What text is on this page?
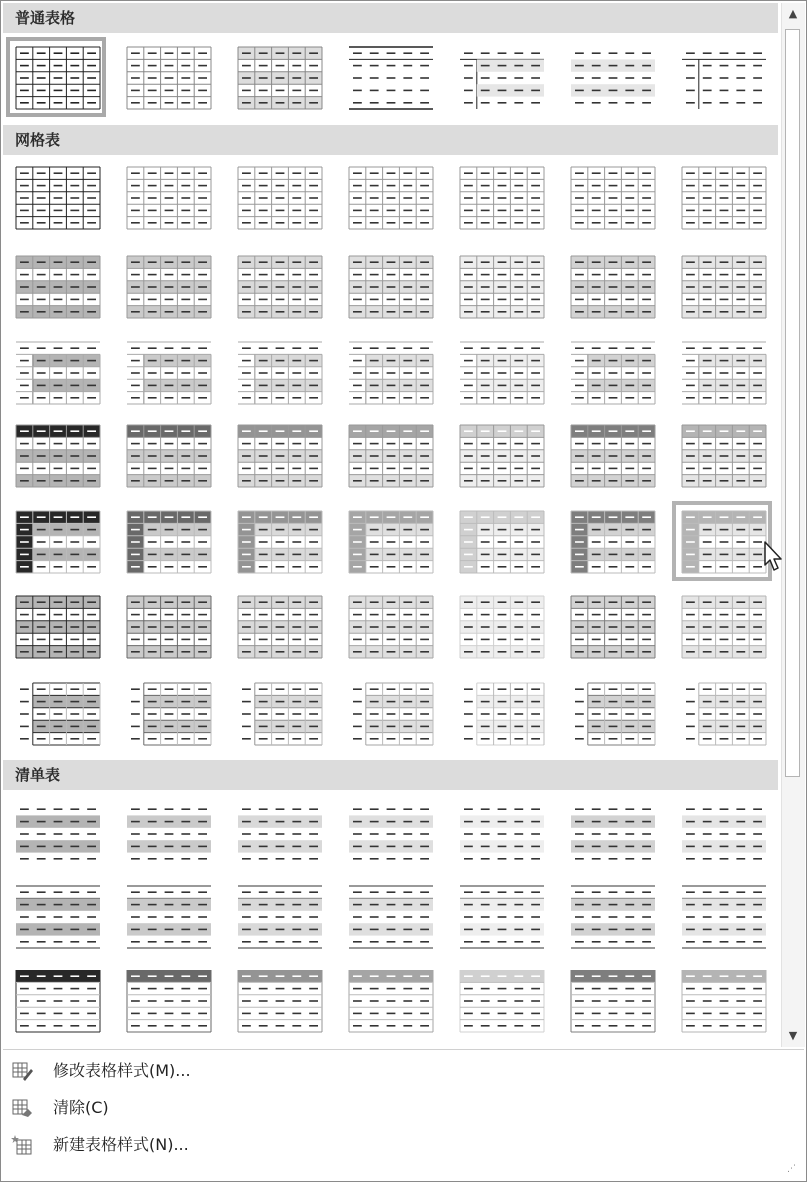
普通表格
网格表
清单表
▲
▼
修改表格样式(M)...
清除(C)
新建表格样式(N)...
⋰
